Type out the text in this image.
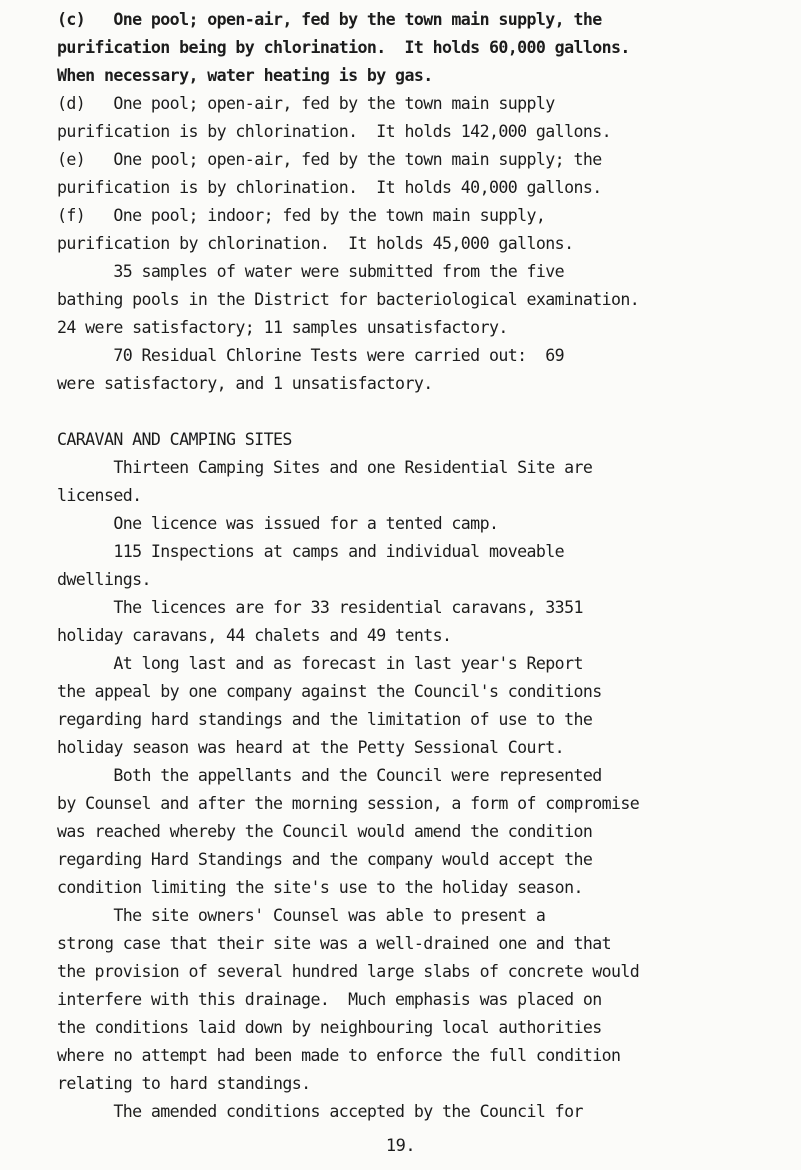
(c)   One pool; open-air, fed by the town main supply, the
purification being by chlorination.  It holds 60,000 gallons.
When necessary, water heating is by gas.
(d)   One pool; open-air, fed by the town main supply
purification is by chlorination.  It holds 142,000 gallons.
(e)   One pool; open-air, fed by the town main supply; the
purification is by chlorination.  It holds 40,000 gallons.
(f)   One pool; indoor; fed by the town main supply,
purification by chlorination.  It holds 45,000 gallons.
35 samples of water were submitted from the five
bathing pools in the District for bacteriological examination.
24 were satisfactory; 11 samples unsatisfactory.
70 Residual Chlorine Tests were carried out:  69
were satisfactory, and 1 unsatisfactory.
CARAVAN AND CAMPING SITES
Thirteen Camping Sites and one Residential Site are
licensed.
One licence was issued for a tented camp.
115 Inspections at camps and individual moveable
dwellings.
The licences are for 33 residential caravans, 3351
holiday caravans, 44 chalets and 49 tents.
At long last and as forecast in last year's Report
the appeal by one company against the Council's conditions
regarding hard standings and the limitation of use to the
holiday season was heard at the Petty Sessional Court.
Both the appellants and the Council were represented
by Counsel and after the morning session, a form of compromise
was reached whereby the Council would amend the condition
regarding Hard Standings and the company would accept the
condition limiting the site's use to the holiday season.
The site owners' Counsel was able to present a
strong case that their site was a well-drained one and that
the provision of several hundred large slabs of concrete would
interfere with this drainage.  Much emphasis was placed on
the conditions laid down by neighbouring local authorities
where no attempt had been made to enforce the full condition
relating to hard standings.
The amended conditions accepted by the Council for
19.
